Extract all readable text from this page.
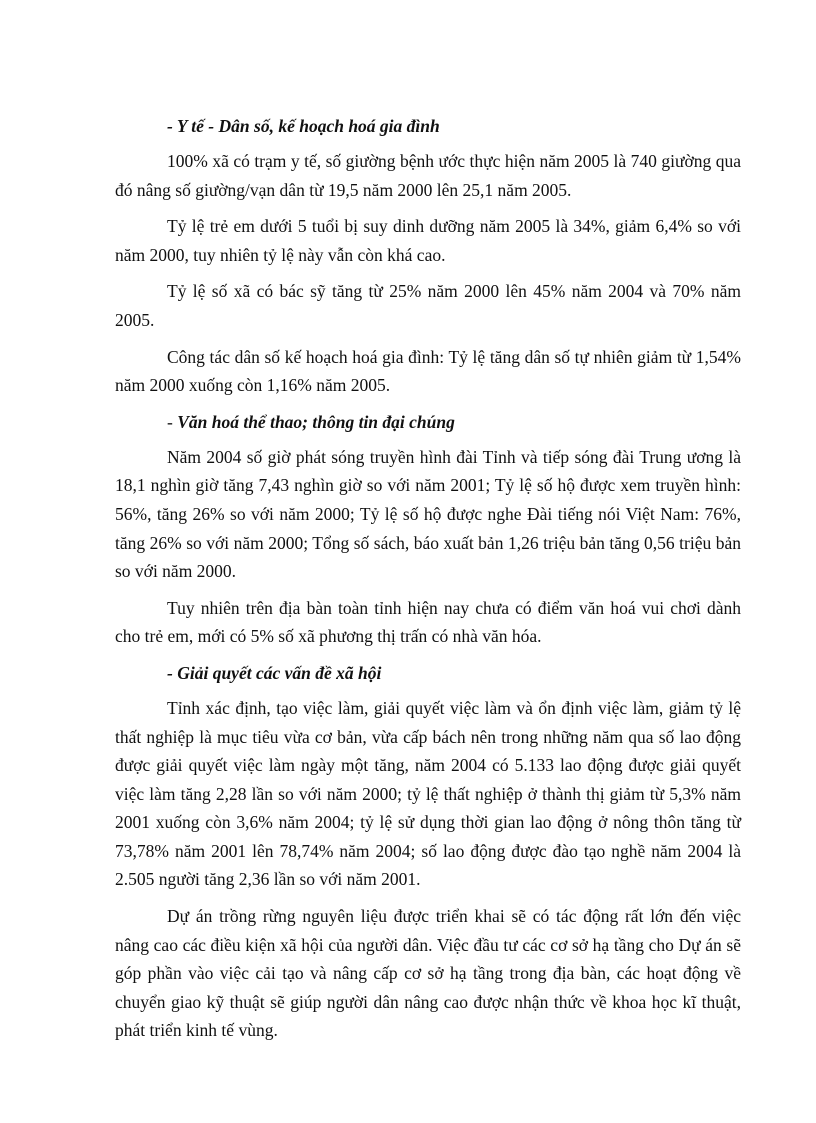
- Y tế - Dân số, kế hoạch hoá gia đình

100% xã có trạm y tế, số giường bệnh ước thực hiện năm 2005 là 740 giường qua đó nâng số giường/vạn dân từ 19,5 năm 2000 lên 25,1 năm 2005.

Tỷ lệ trẻ em dưới 5 tuổi bị suy dinh dưỡng năm 2005 là 34%, giảm 6,4% so với năm 2000, tuy nhiên tỷ lệ này vẫn còn khá cao.

Tỷ lệ số xã có bác sỹ tăng từ 25% năm 2000 lên 45% năm 2004 và 70% năm 2005.

Công tác dân số kế hoạch hoá gia đình: Tỷ lệ tăng dân số tự nhiên giảm từ 1,54% năm 2000 xuống còn 1,16% năm 2005.

- Văn hoá thể thao; thông tin đại chúng

Năm 2004 số giờ phát sóng truyền hình đài Tỉnh và tiếp sóng đài Trung ương là 18,1 nghìn giờ tăng 7,43 nghìn giờ so với năm 2001; Tỷ lệ số hộ được xem truyền hình: 56%, tăng 26% so với năm 2000; Tỷ lệ số hộ được nghe Đài tiếng nói Việt Nam: 76%, tăng 26% so với năm 2000; Tổng số sách, báo xuất bản 1,26 triệu bản tăng 0,56 triệu bản so với năm 2000.

Tuy nhiên trên địa bàn toàn tỉnh hiện nay chưa có điểm văn hoá vui chơi dành cho trẻ em, mới có 5% số xã phương thị trấn có nhà văn hóa.

- Giải quyết các vấn đề xã hội

Tỉnh xác định, tạo việc làm, giải quyết việc làm và ổn định việc làm, giảm tỷ lệ thất nghiệp là mục tiêu vừa cơ bản, vừa cấp bách nên trong những năm qua số lao động được giải quyết việc làm ngày một tăng, năm 2004 có 5.133 lao động được giải quyết việc làm tăng 2,28 lần so với năm 2000; tỷ lệ thất nghiệp ở thành thị giảm từ 5,3% năm 2001 xuống còn 3,6% năm 2004; tỷ lệ sử dụng thời gian lao động ở nông thôn tăng từ 73,78% năm 2001 lên 78,74% năm 2004; số lao động được đào tạo nghề năm 2004 là 2.505 người tăng 2,36 lần so với năm 2001.

Dự án trồng rừng nguyên liệu được triển khai sẽ có tác động rất lớn đến việc nâng cao các điều kiện xã hội của người dân. Việc đầu tư các cơ sở hạ tầng cho Dự án sẽ góp phần vào việc cải tạo và nâng cấp cơ sở hạ tầng trong địa bàn, các hoạt động về chuyển giao kỹ thuật sẽ giúp người dân nâng cao được nhận thức về khoa học kĩ thuật, phát triển kinh tế vùng.
